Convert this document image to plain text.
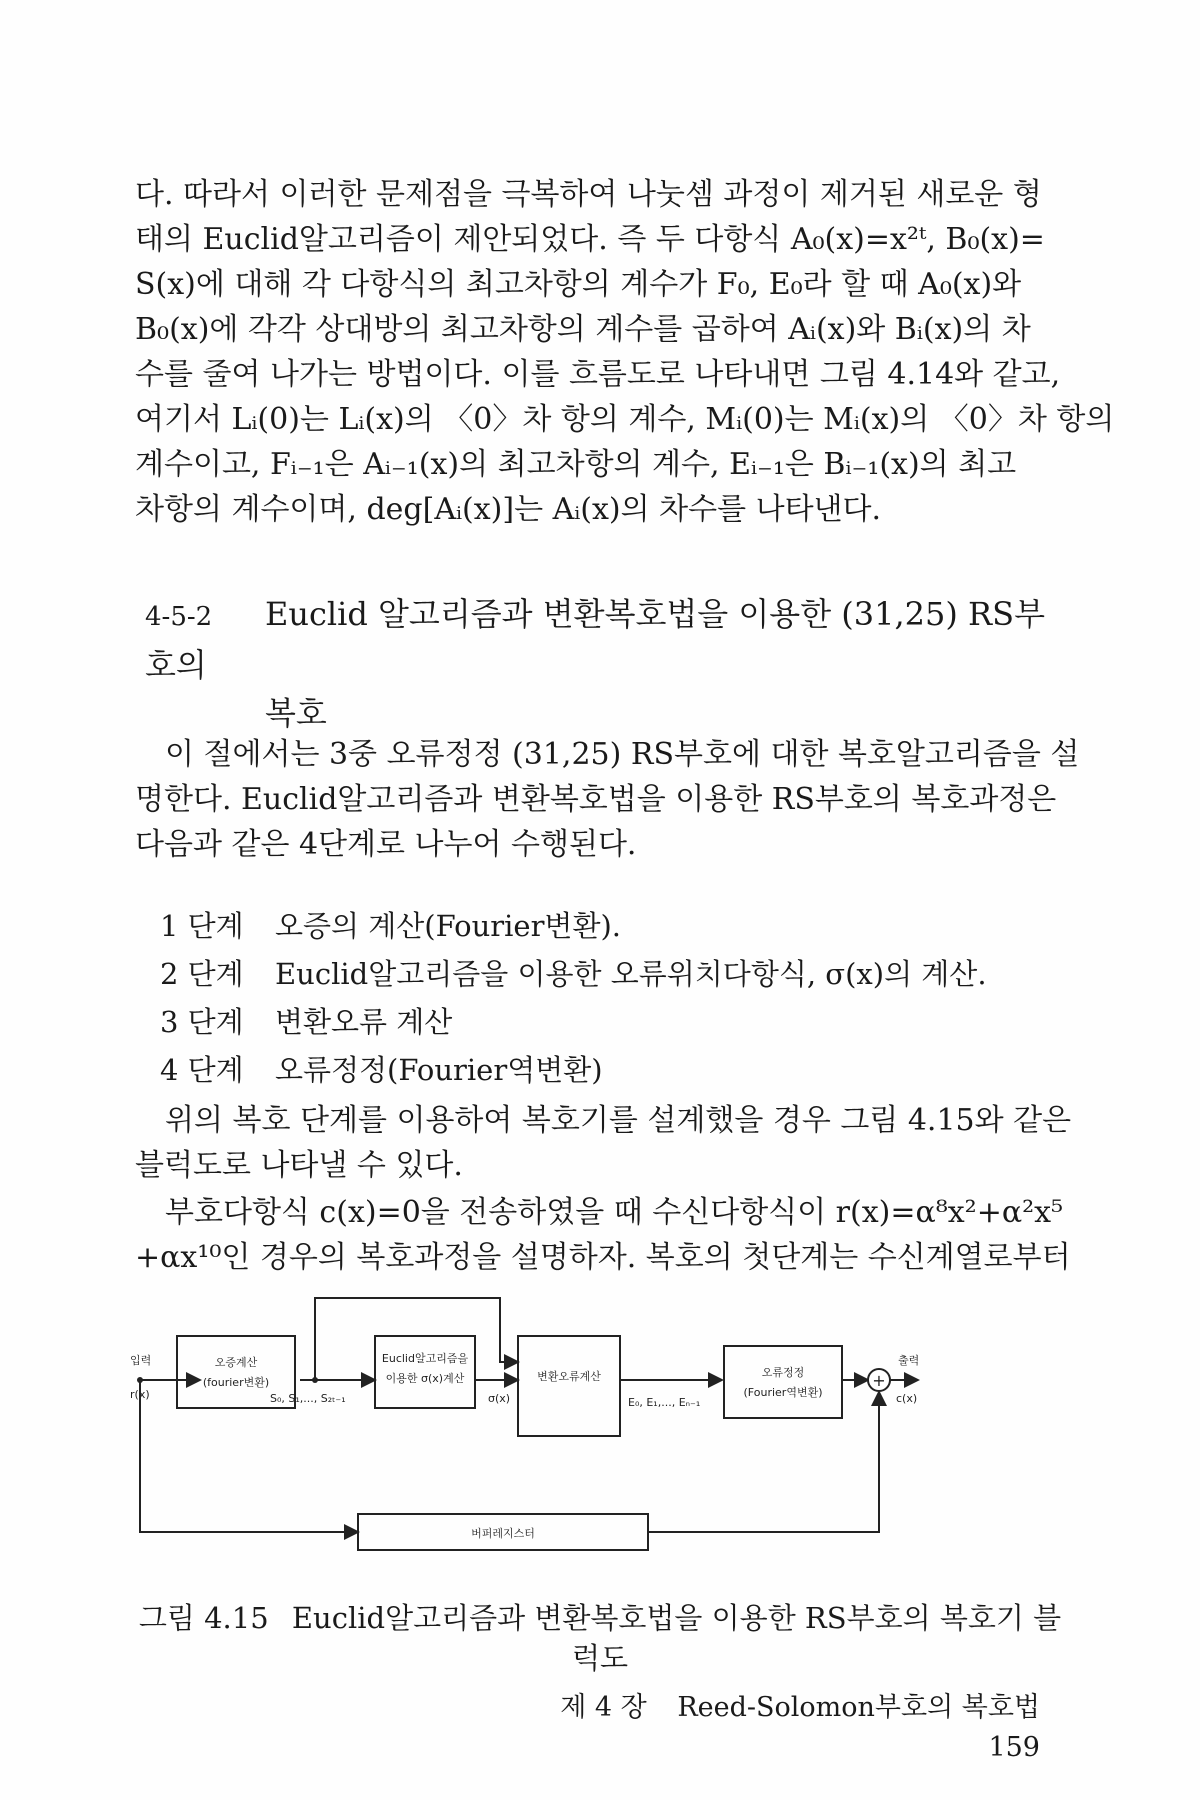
다. 따라서 이러한 문제점을 극복하여 나눗셈 과정이 제거된 새로운 형
태의 Euclid알고리즘이 제안되었다. 즉 두 다항식 A₀(x)=x²ᵗ, B₀(x)=
S(x)에 대해 각 다항식의 최고차항의 계수가 F₀, E₀라 할 때 A₀(x)와
B₀(x)에 각각 상대방의 최고차항의 계수를 곱하여 Aᵢ(x)와 Bᵢ(x)의 차
수를 줄여 나가는 방법이다. 이를 흐름도로 나타내면 그림 4.14와 같고,
여기서 Lᵢ(0)는 Lᵢ(x)의 〈0〉차 항의 계수, Mᵢ(0)는 Mᵢ(x)의 〈0〉차 항의
계수이고, Fᵢ₋₁은 Aᵢ₋₁(x)의 최고차항의 계수, Eᵢ₋₁은 Bᵢ₋₁(x)의 최고
차항의 계수이며, deg[Aᵢ(x)]는 Aᵢ(x)의 차수를 나타낸다.
4-5-2 Euclid 알고리즘과 변환복호법을 이용한 (31,25) RS부호의
복호
이 절에서는 3중 오류정정 (31,25) RS부호에 대한 복호알고리즘을 설
명한다. Euclid알고리즘과 변환복호법을 이용한 RS부호의 복호과정은
다음과 같은 4단계로 나누어 수행된다.
1 단계	오증의 계산(Fourier변환).
2 단계	Euclid알고리즘을 이용한 오류위치다항식, σ(x)의 계산.
3 단계	변환오류 계산
4 단계	오류정정(Fourier역변환)
위의 복호 단계를 이용하여 복호기를 설계했을 경우 그림 4.15와 같은
블럭도로 나타낼 수 있다.
부호다항식 c(x)=0을 전송하였을 때 수신다항식이 r(x)=α⁸x²+α²x⁵
+αx¹⁰인 경우의 복호과정을 설명하자. 복호의 첫단계는 수신계열로부터
+
입력
r(x)
오증계산
(fourier변환)
S₀, S₁,..., S₂ₜ₋₁
Euclid알고리즘을
이용한 σ(x)계산
σ(x)
변환오류계산
E₀, E₁,..., Eₙ₋₁
오류정정
(Fourier역변환)
출력
c(x)
버퍼레지스터
그림 4.15 Euclid알고리즘과 변환복호법을 이용한 RS부호의 복호기 블럭도
제 4 장 Reed-Solomon부호의 복호법 159
